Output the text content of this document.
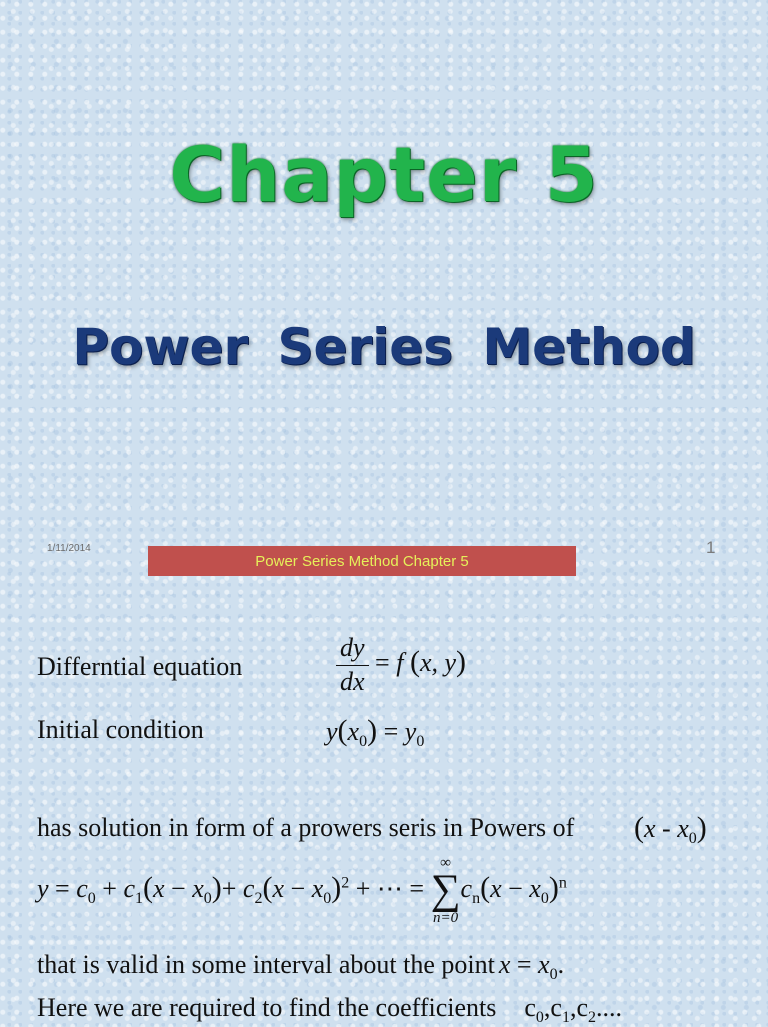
Chapter 5
Power Series Method
1/11/2014
Power Series Method Chapter 5
1
Differntial equation	$\frac{dy}{dx} = f$ (x, y)
Initial condition	$y(x_0) = y_0$
has solution in form of a prowers seris in Powers of $(x - x_0)$
$y = c_0 + c_1(x - x_0)+ c_2(x - x_0)^2$ + ⋯ =
∞
∑
n=0
$c_n(x - x_0)^n$
that is valid in some interval about the point $x = x_0$.
Here we are required to find the coefficients $c_0,c_1,c_2$....
